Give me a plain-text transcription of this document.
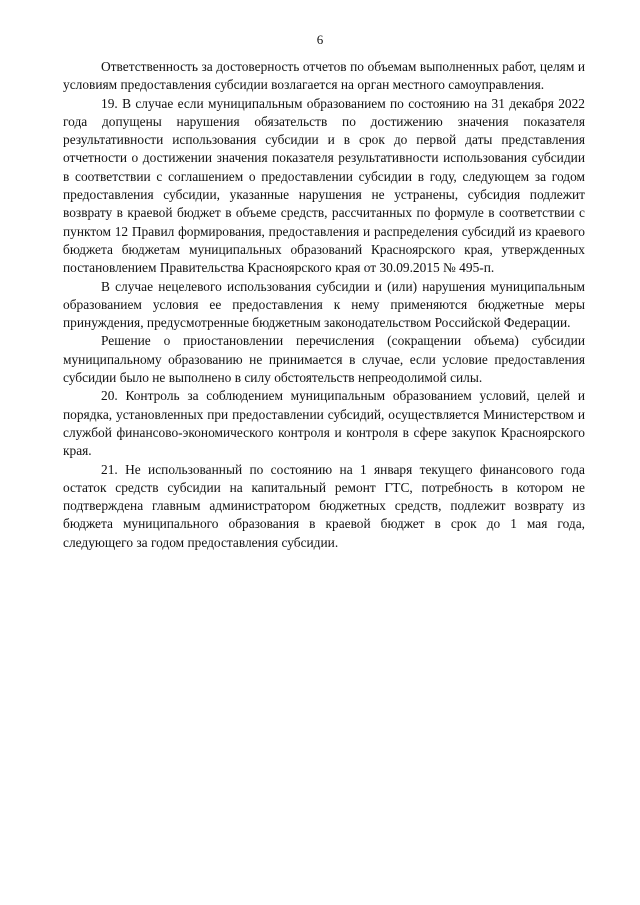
6

Ответственность за достоверность отчетов по объемам выполненных работ, целям и условиям предоставления субсидии возлагается на орган местного самоуправления.

19. В случае если муниципальным образованием по состоянию на 31 декабря 2022 года допущены нарушения обязательств по достижению значения показателя результативности использования субсидии и в срок до первой даты представления отчетности о достижении значения показателя результативности использования субсидии в соответствии с соглашением о предоставлении субсидии в году, следующем за годом предоставления субсидии, указанные нарушения не устранены, субсидия подлежит возврату в краевой бюджет в объеме средств, рассчитанных по формуле в соответствии с пунктом 12 Правил формирования, предоставления и распределения субсидий из краевого бюджета бюджетам муниципальных образований Красноярского края, утвержденных постановлением Правительства Красноярского края от 30.09.2015 № 495-п.

В случае нецелевого использования субсидии и (или) нарушения муниципальным образованием условия ее предоставления к нему применяются бюджетные меры принуждения, предусмотренные бюджетным законодательством Российской Федерации.

Решение о приостановлении перечисления (сокращении объема) субсидии муниципальному образованию не принимается в случае, если условие предоставления субсидии было не выполнено в силу обстоятельств непреодолимой силы.

20. Контроль за соблюдением муниципальным образованием условий, целей и порядка, установленных при предоставлении субсидий, осуществляется Министерством и службой финансово-экономического контроля и контроля в сфере закупок Красноярского края.

21. Не использованный по состоянию на 1 января текущего финансового года остаток средств субсидии на капитальный ремонт ГТС, потребность в котором не подтверждена главным администратором бюджетных средств, подлежит возврату из бюджета муниципального образования в краевой бюджет в срок до 1 мая года, следующего за годом предоставления субсидии.
